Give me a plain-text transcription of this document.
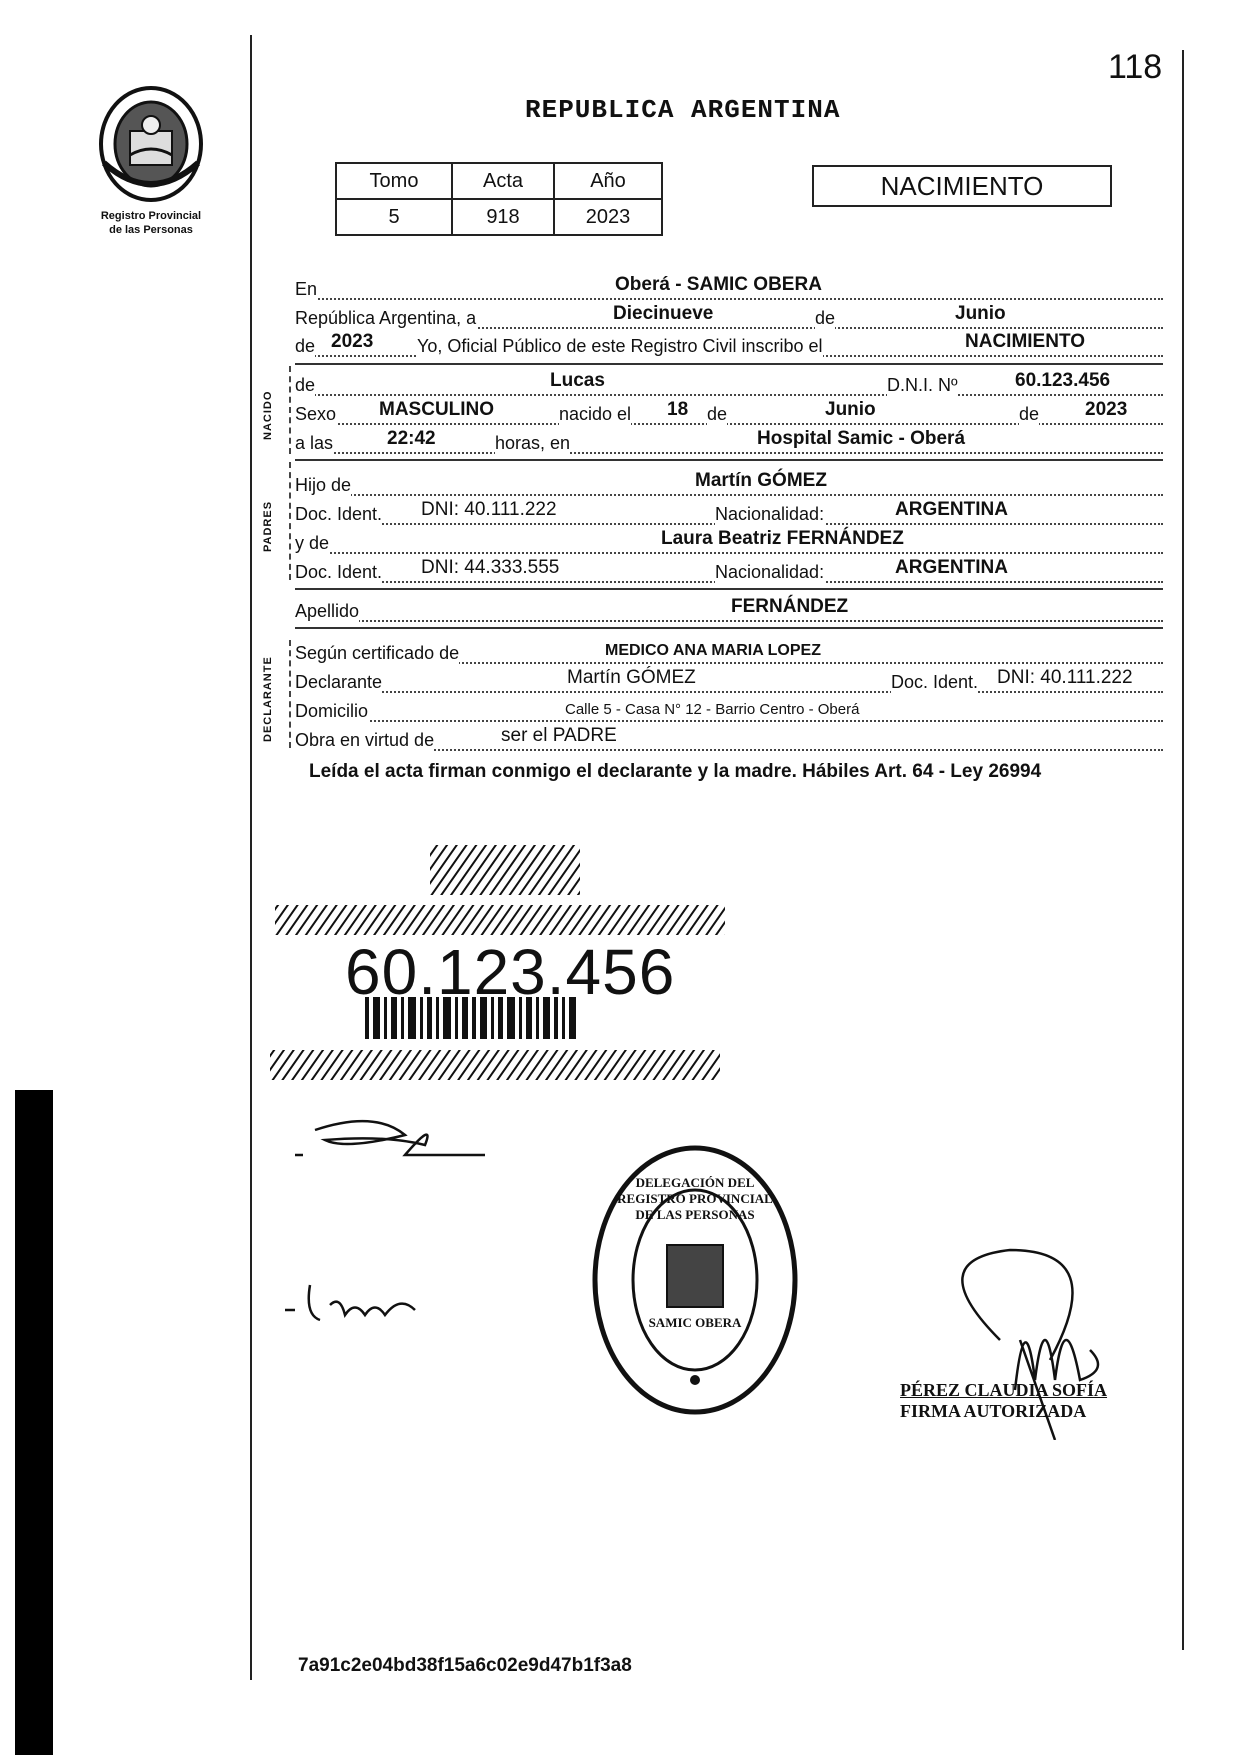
118
REPUBLICA ARGENTINA
Registro Provincial
de las Personas
Tomo	Acta	Año
5	918	2023
NACIMIENTO
En	Oberá - SAMIC OBERA
República Argentina, a	Diecinueve	de	Junio
de 2023 Yo, Oficial Público de este Registro Civil inscribo el	NACIMIENTO
NACIDO
de	Lucas	D.N.I. Nº	60.123.456
Sexo MASCULINO	nacido el 18 de	Junio	de 2023
a las	22:42	horas, en	Hospital Samic - Oberá
PADRES
Hijo de	Martín GÓMEZ
Doc. Ident. DNI: 40.111.222	Nacionalidad:	ARGENTINA
y de	Laura Beatriz FERNÁNDEZ
Doc. Ident. DNI: 44.333.555	Nacionalidad:	ARGENTINA
Apellido	FERNÁNDEZ
DECLARANTE
Según certificado de	MEDICO ANA MARIA LOPEZ
Declarante	Martín GÓMEZ	Doc. Ident. DNI: 40.111.222
Domicilio	Calle 5 - Casa N° 12 - Barrio Centro - Oberá
Obra en virtud de	ser el PADRE
Leída el acta firman conmigo el declarante y la madre. Hábiles Art. 64 - Ley 26994
60.123.456
DELEGACIÓN DEL REGISTRO PROVINCIAL DE LAS PERSONAS
SAMIC OBERA
PÉREZ CLAUDIA SOFÍA
FIRMA AUTORIZADA
7a91c2e04bd38f15a6c02e9d47b1f3a8
